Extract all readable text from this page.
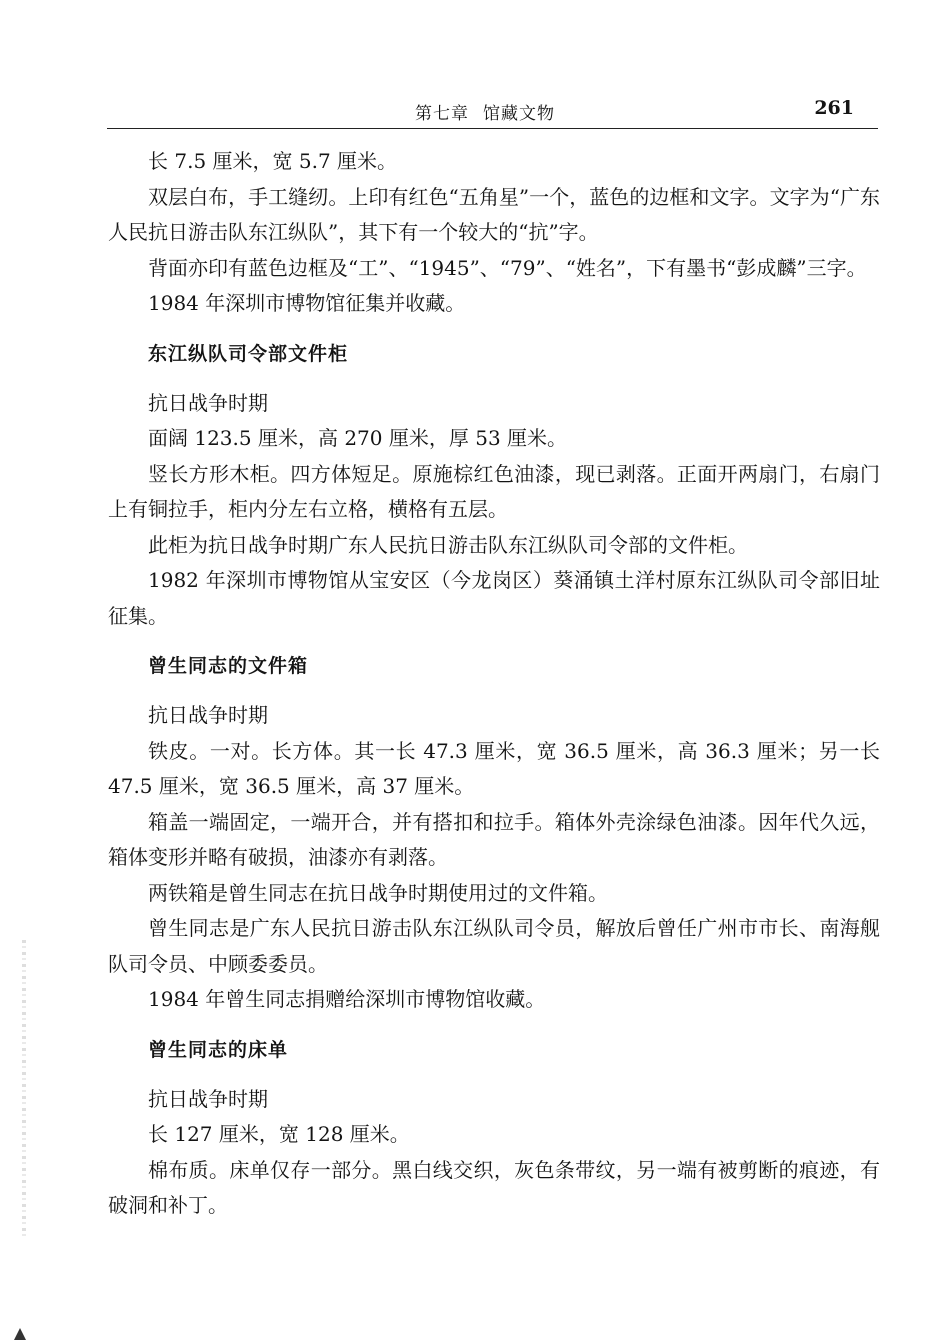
第七章 馆藏文物	261

长 7.5 厘米，宽 5.7 厘米。

双层白布，手工缝纫。上印有红色“五角星”一个，蓝色的边框和文字。文字为“广东人民抗日游击队东江纵队”，其下有一个较大的“抗”字。

背面亦印有蓝色边框及“工”、“1945”、“79”、“姓名”，下有墨书“彭成麟”三字。

1984 年深圳市博物馆征集并收藏。

东江纵队司令部文件柜

抗日战争时期

面阔 123.5 厘米，高 270 厘米，厚 53 厘米。

竖长方形木柜。四方体短足。原施棕红色油漆，现已剥落。正面开两扇门，右扇门上有铜拉手，柜内分左右立格，横格有五层。

此柜为抗日战争时期广东人民抗日游击队东江纵队司令部的文件柜。

1982 年深圳市博物馆从宝安区（今龙岗区）葵涌镇土洋村原东江纵队司令部旧址征集。

曾生同志的文件箱

抗日战争时期

铁皮。一对。长方体。其一长 47.3 厘米，宽 36.5 厘米，高 36.3 厘米；另一长 47.5 厘米，宽 36.5 厘米，高 37 厘米。

箱盖一端固定，一端开合，并有搭扣和拉手。箱体外壳涂绿色油漆。因年代久远，箱体变形并略有破损，油漆亦有剥落。

两铁箱是曾生同志在抗日战争时期使用过的文件箱。

曾生同志是广东人民抗日游击队东江纵队司令员，解放后曾任广州市市长、南海舰队司令员、中顾委委员。

1984 年曾生同志捐赠给深圳市博物馆收藏。

曾生同志的床单

抗日战争时期

长 127 厘米，宽 128 厘米。

棉布质。床单仅存一部分。黑白线交织，灰色条带纹，另一端有被剪断的痕迹，有破洞和补丁。
